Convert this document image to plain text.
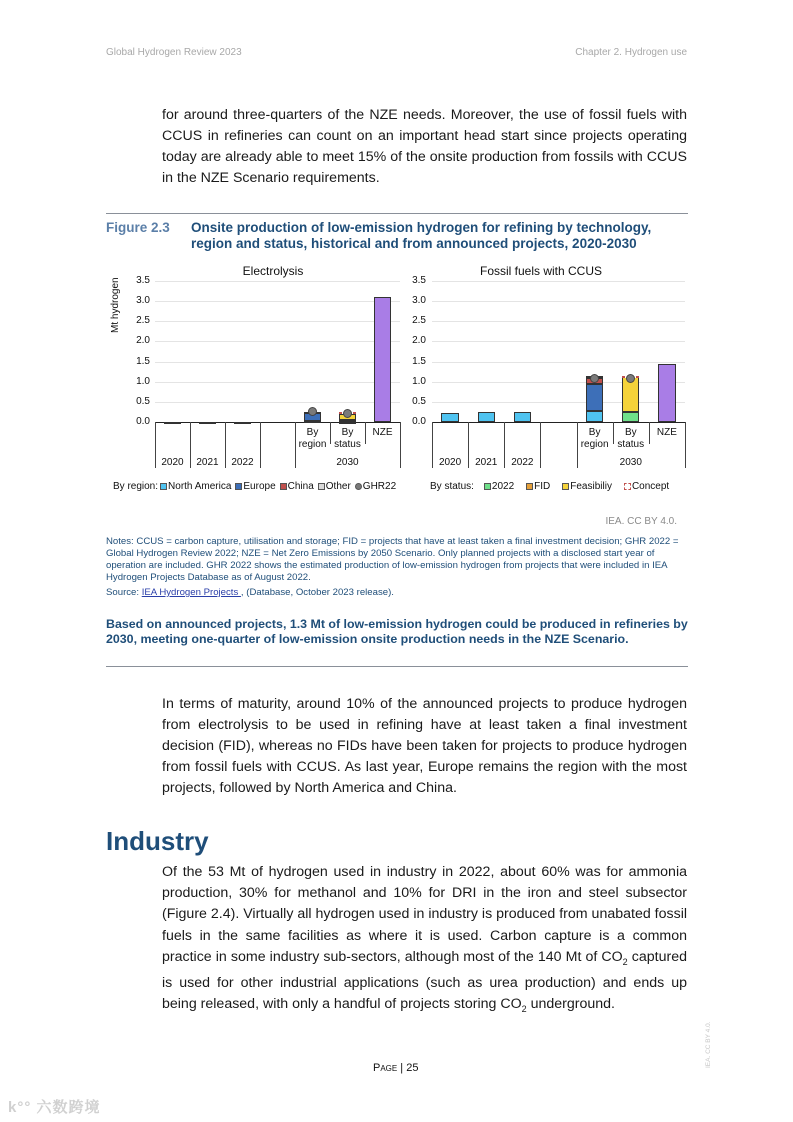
Global Hydrogen Review 2023	Chapter 2. Hydrogen use

for around three-quarters of the NZE needs. Moreover, the use of fossil fuels with CCUS in refineries can count on an important head start since projects operating today are already able to meet 15% of the onsite production from fossils with CCUS in the NZE Scenario requirements.

Figure 2.3 Onsite production of low-emission hydrogen for refining by technology, region and status, historical and from announced projects, 2020-2030
Electrolysis
Mt hydrogen
0.0
0.5
1.0
1.5
2.0
2.5
3.0
3.5
2020	2021	2022
By
region
By
status
NZE
2030
Fossil fuels with CCUS
0.0
0.5
1.0
1.5
2.0
2.5
3.0
3.5
2020	2021	2022
By
region
By
status
NZE
2030
By region: North America Europe China Other GHR22	By status: 2022 FID Feasibiliy Concept
IEA. CC BY 4.0.
Notes: CCUS = carbon capture, utilisation and storage; FID = projects that have at least taken a final investment decision; GHR 2022 = Global Hydrogen Review 2022; NZE = Net Zero Emissions by 2050 Scenario. Only planned projects with a disclosed start year of operation are included. GHR 2022 shows the estimated production of low-emission hydrogen from projects that were included in IEA Hydrogen Projects Database as of August 2022.
Source: IEA Hydrogen Projects , (Database, October 2023 release).
Based on announced projects, 1.3 Mt of low-emission hydrogen could be produced in refineries by 2030, meeting one-quarter of low-emission onsite production needs in the NZE Scenario.

In terms of maturity, around 10% of the announced projects to produce hydrogen from electrolysis to be used in refining have at least taken a final investment decision (FID), whereas no FIDs have been taken for projects to produce hydrogen from fossil fuels with CCUS. As last year, Europe remains the region with the most projects, followed by North America and China.

Industry

Of the 53 Mt of hydrogen used in industry in 2022, about 60% was for ammonia production, 30% for methanol and 10% for DRI in the iron and steel subsector (Figure 2.4). Virtually all hydrogen used in industry is produced from unabated fossil fuels in the same facilities as where it is used. Carbon capture is a common practice in some industry sub-sectors, although most of the 140 Mt of $CO_2$ captured is used for other industrial applications (such as urea production) and ends up being released, with only a handful of projects storing $CO_2$ underground.

Page | 25	IEA. CC BY 4.0.
k°° 六数跨境
